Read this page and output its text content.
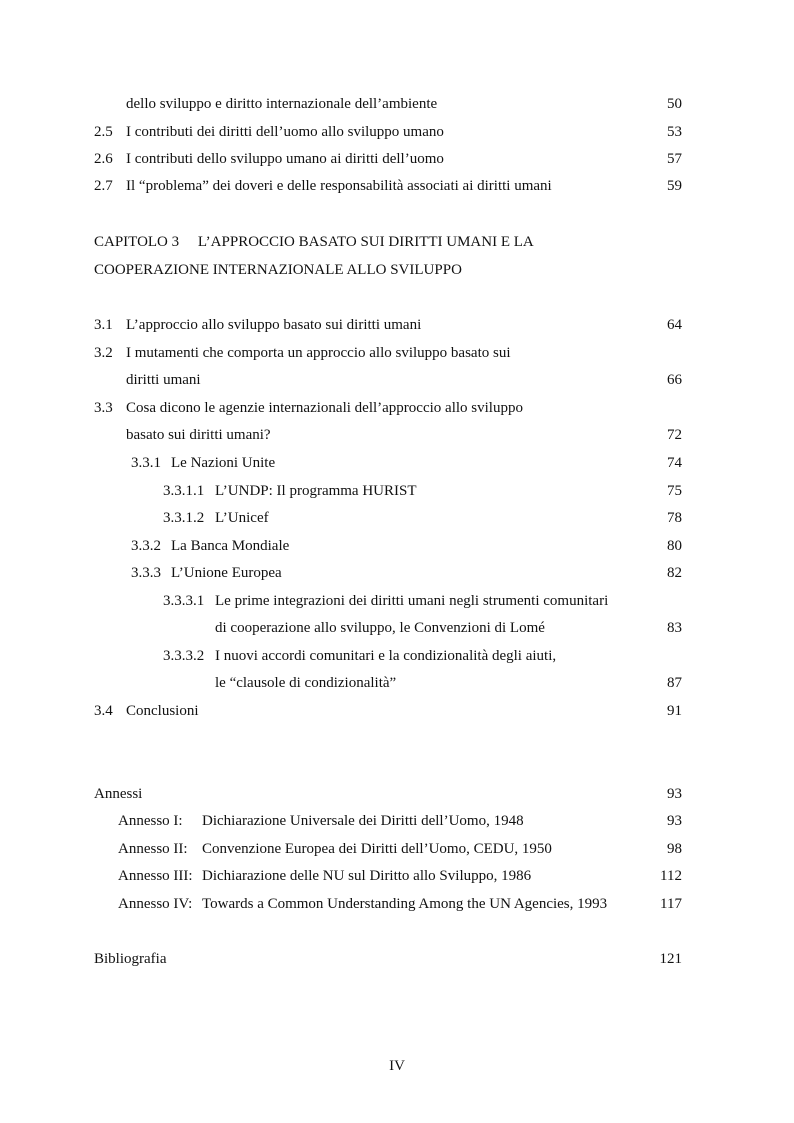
dello sviluppo e diritto internazionale dell’ambiente	50
2.5 I contributi dei diritti dell’uomo allo sviluppo umano	53
2.6 I contributi dello sviluppo umano ai diritti dell’uomo	57
2.7 Il “problema” dei doveri e delle responsabilità associati ai diritti umani	59
CAPITOLO 3     L’APPROCCIO BASATO SUI DIRITTI UMANI E LA
COOPERAZIONE INTERNAZIONALE ALLO SVILUPPO
3.1 L’approccio allo sviluppo basato sui diritti umani	64
3.2 I mutamenti che comporta un approccio allo sviluppo basato sui
diritti umani	66
3.3 Cosa dicono le agenzie internazionali dell’approccio allo sviluppo
basato sui diritti umani?	72
3.3.1 Le Nazioni Unite	74
3.3.1.1 L’UNDP: Il programma HURIST	75
3.3.1.2 L’Unicef	78
3.3.2 La Banca Mondiale	80
3.3.3 L’Unione Europea	82
3.3.3.1 Le prime integrazioni dei diritti umani negli strumenti comunitari
di cooperazione allo sviluppo, le Convenzioni di Lomé	83
3.3.3.2 I nuovi accordi comunitari e la condizionalità degli aiuti,
le “clausole di condizionalità”	87
3.4 Conclusioni	91
Annessi	93
Annesso I: Dichiarazione Universale dei Diritti dell’Uomo, 1948	93
Annesso II: Convenzione Europea dei Diritti dell’Uomo, CEDU, 1950	98
Annesso III: Dichiarazione delle NU sul Diritto allo Sviluppo, 1986	112
Annesso IV: Towards a Common Understanding Among the UN Agencies, 1993	117
Bibliografia	121
IV
